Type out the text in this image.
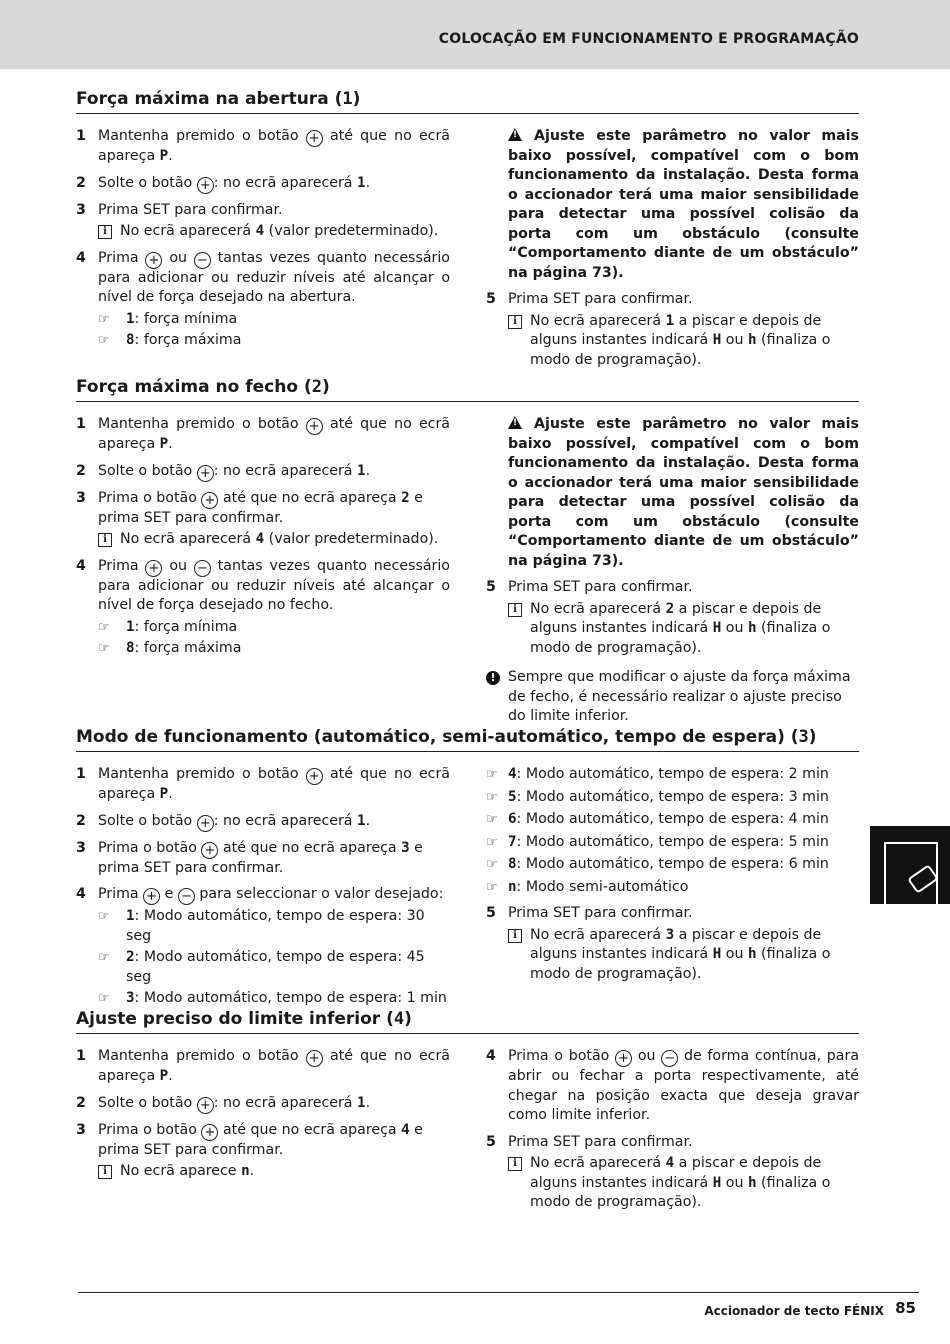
COLOCAÇÃO EM FUNCIONAMENTO E PROGRAMAÇÃO
Força máxima na abertura (1)
1 Mantenha premido o botão + até que no ecrã apareça P.
2 Solte o botão + : no ecrã aparecerá 1.
3 Prima SET para confirmar.
i No ecrã aparecerá 4 (valor predeterminado).
4 Prima + ou − tantas vezes quanto necessário para adicionar ou reduzir níveis até alcançar o nível de força desejado na abertura.
☞ 1: força mínima
☞ 8: força máxima
!Ajuste este parâmetro no valor mais baixo possível, compatível com o bom funcionamento da instalação. Desta forma o accionador terá uma maior sensibilidade para detectar uma possível colisão da porta com um obstáculo (consulte “Comportamento diante de um obstáculo” na página 73).
5 Prima SET para confirmar.
i No ecrã aparecerá 1 a piscar e depois de alguns instantes indicará H ou h (finaliza o modo de programação).
Força máxima no fecho (2)
1 Mantenha premido o botão + até que no ecrã apareça P.
2 Solte o botão + : no ecrã aparecerá 1.
3 Prima o botão + até que no ecrã apareça 2 e prima SET para confirmar.
i No ecrã aparecerá 4 (valor predeterminado).
4 Prima + ou − tantas vezes quanto necessário para adicionar ou reduzir níveis até alcançar o nível de força desejado no fecho.
☞ 1: força mínima
☞ 8: força máxima
!Ajuste este parâmetro no valor mais baixo possível, compatível com o bom funcionamento da instalação. Desta forma o accionador terá uma maior sensibilidade para detectar uma possível colisão da porta com um obstáculo (consulte “Comportamento diante de um obstáculo” na página 73).
5 Prima SET para confirmar.
i No ecrã aparecerá 2 a piscar e depois de alguns instantes indicará H ou h (finaliza o modo de programação).
! Sempre que modificar o ajuste da força máxima de fecho, é necessário realizar o ajuste preciso do limite inferior.
Modo de funcionamento (automático, semi-automático, tempo de espera) (3)
1 Mantenha premido o botão + até que no ecrã apareça P.
2 Solte o botão + : no ecrã aparecerá 1.
3 Prima o botão + até que no ecrã apareça 3 e prima SET para confirmar.
4 Prima + e − para seleccionar o valor desejado:
☞ 1: Modo automático, tempo de espera: 30 seg
☞ 2: Modo automático, tempo de espera: 45 seg
☞ 3: Modo automático, tempo de espera: 1 min
☞ 4: Modo automático, tempo de espera: 2 min
☞ 5: Modo automático, tempo de espera: 3 min
☞ 6: Modo automático, tempo de espera: 4 min
☞ 7: Modo automático, tempo de espera: 5 min
☞ 8: Modo automático, tempo de espera: 6 min
☞ n: Modo semi-automático
5 Prima SET para confirmar.
i No ecrã aparecerá 3 a piscar e depois de alguns instantes indicará H ou h (finaliza o modo de programação).
Ajuste preciso do limite inferior (4)
1 Mantenha premido o botão + até que no ecrã apareça P.
2 Solte o botão + : no ecrã aparecerá 1.
3 Prima o botão + até que no ecrã apareça 4 e prima SET para confirmar.
i No ecrã aparece n.
4 Prima o botão + ou − de forma contínua, para abrir ou fechar a porta respectivamente, até chegar na posição exacta que deseja gravar como limite inferior.
5 Prima SET para confirmar.
i No ecrã aparecerá 4 a piscar e depois de alguns instantes indicará H ou h (finaliza o modo de programação).
Accionador de tecto FÉNIX 85
